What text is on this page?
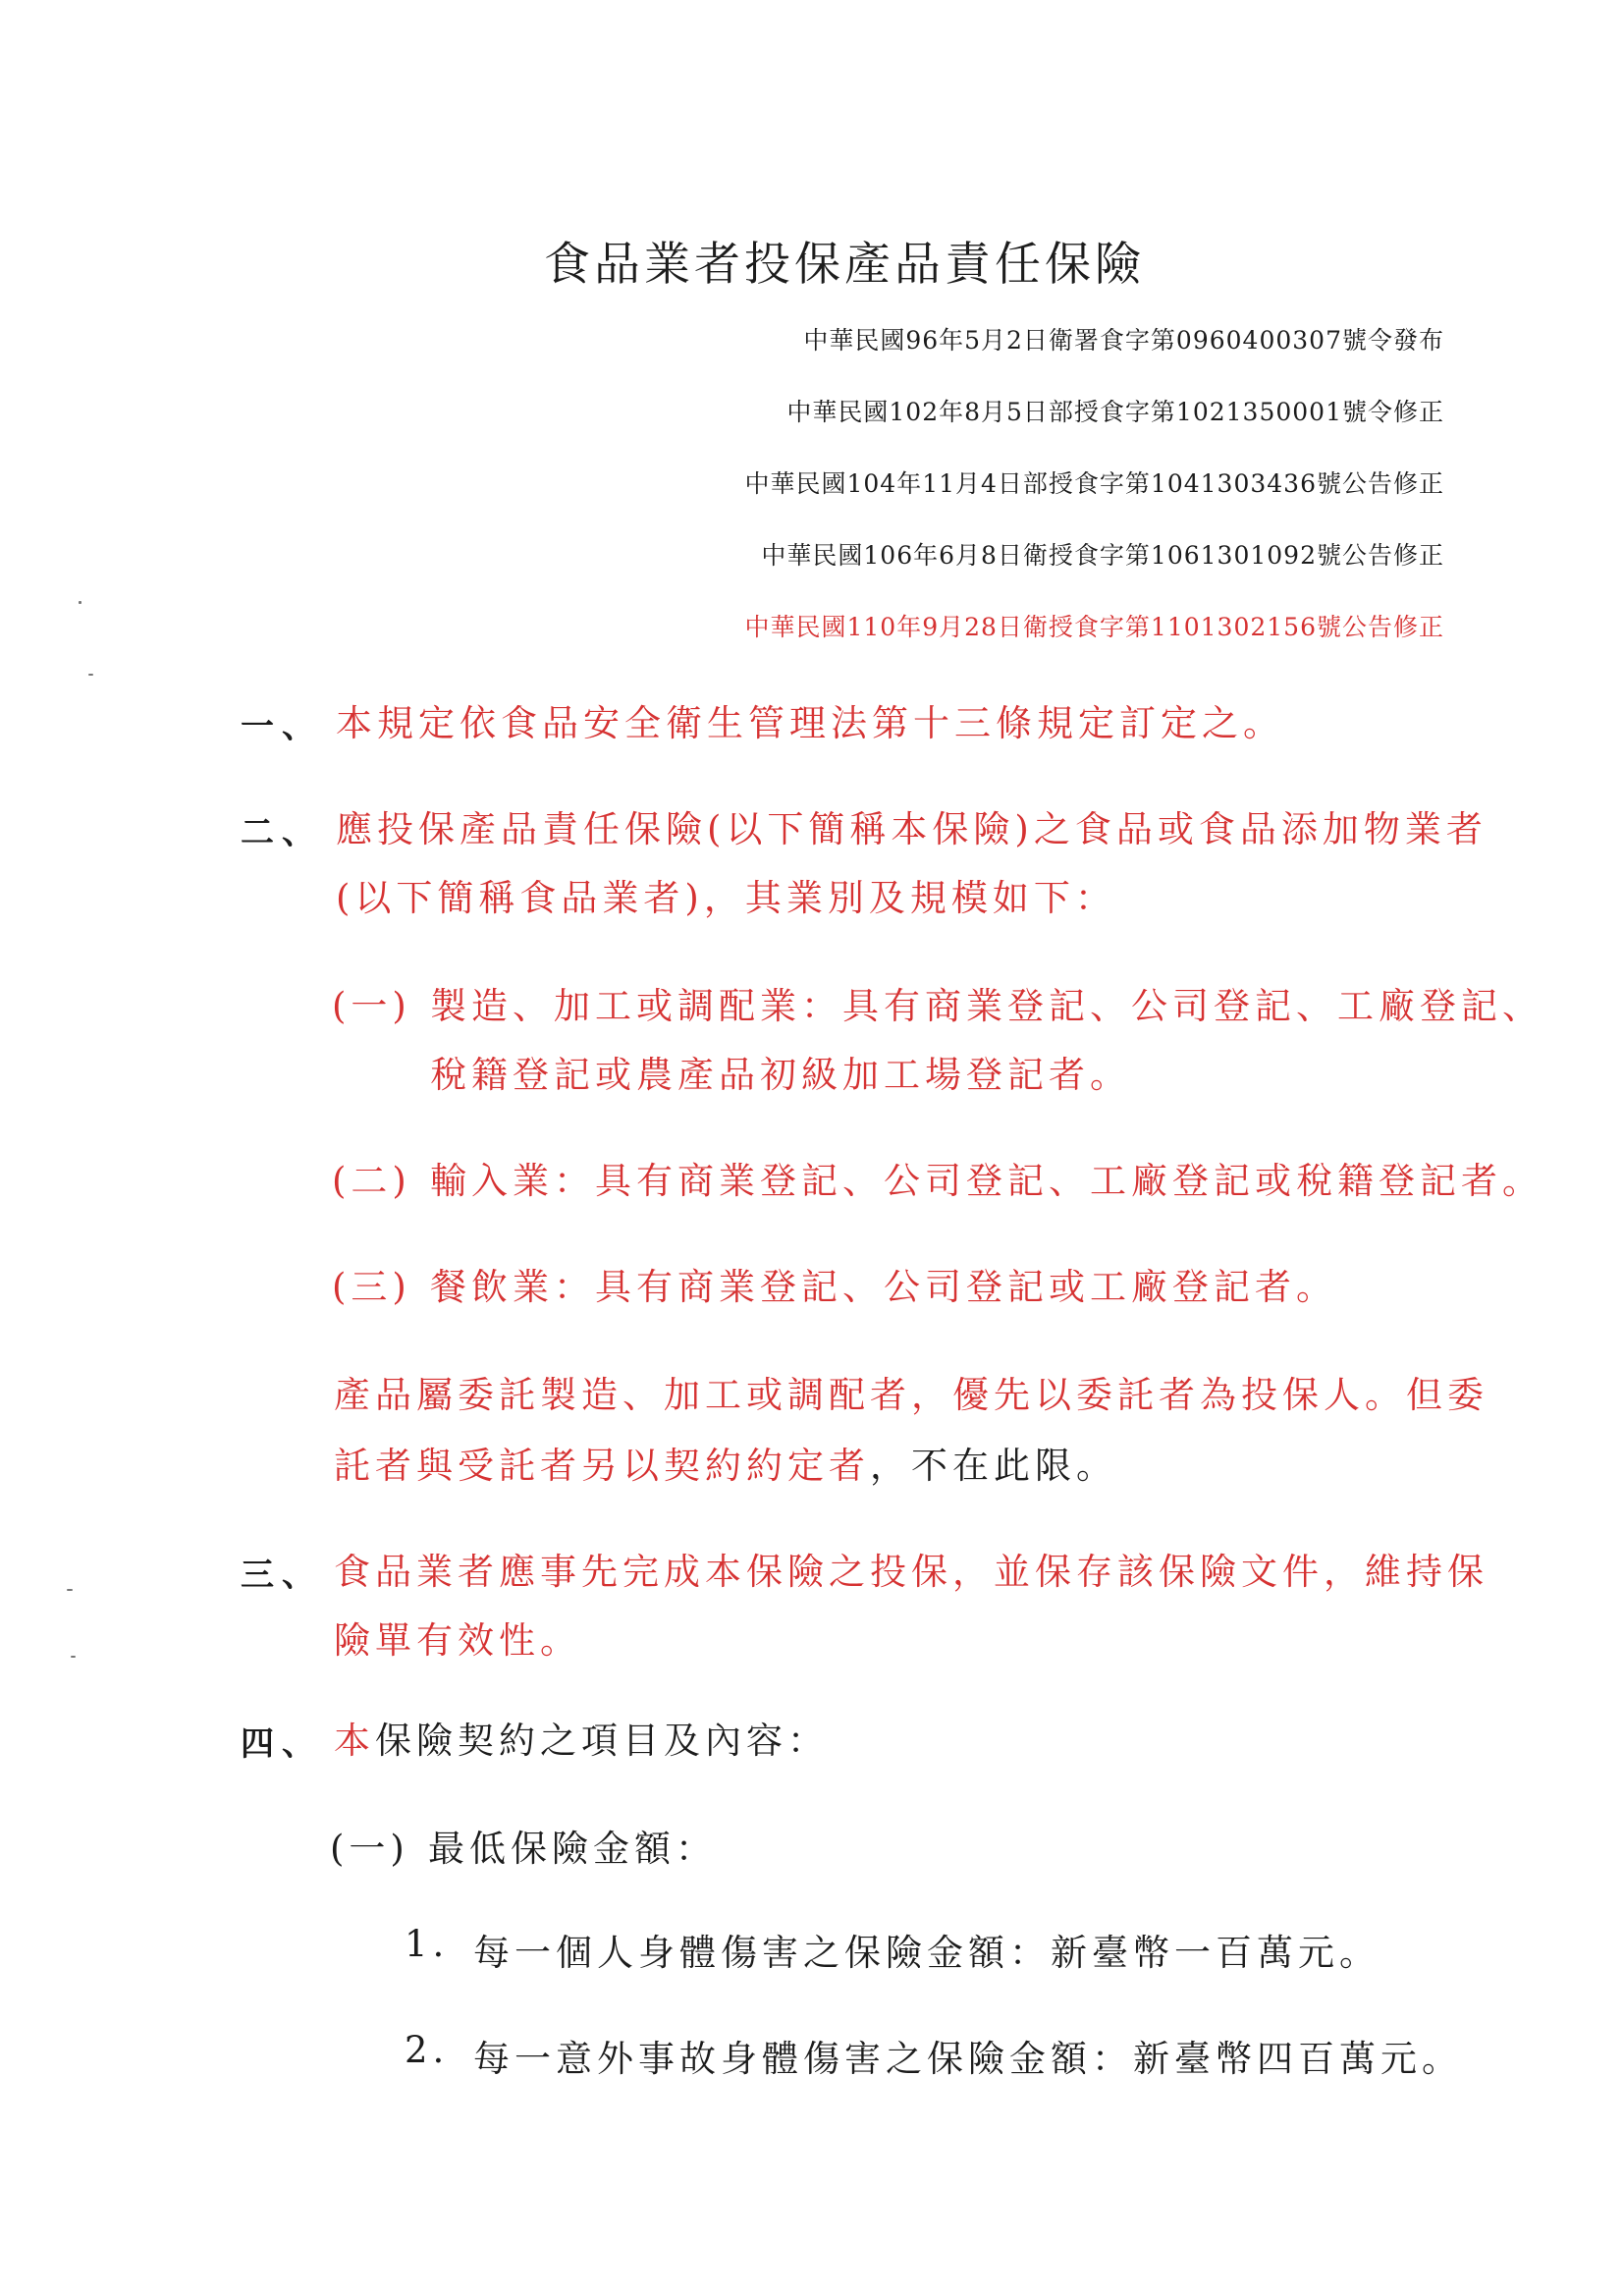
食品業者投保產品責任保險
中華民國96年5月2日衛署食字第0960400307號令發布
中華民國102年8月5日部授食字第1021350001號令修正
中華民國104年11月4日部授食字第1041303436號公告修正
中華民國106年6月8日衛授食字第1061301092號公告修正
中華民國110年9月28日衛授食字第1101302156號公告修正
一、 本規定依食品安全衛生管理法第十三條規定訂定之。
二、 應投保產品責任保險(以下簡稱本保險)之食品或食品添加物業者
(以下簡稱食品業者)，其業別及規模如下：
(一) 製造、加工或調配業：具有商業登記、公司登記、工廠登記、
稅籍登記或農產品初級加工場登記者。
(二) 輸入業：具有商業登記、公司登記、工廠登記或稅籍登記者。
(三) 餐飲業：具有商業登記、公司登記或工廠登記者。
產品屬委託製造、加工或調配者，優先以委託者為投保人。但委
託者與受託者另以契約約定者，不在此限。
三、 食品業者應事先完成本保險之投保，並保存該保險文件，維持保
險單有效性。
四、 本保險契約之項目及內容：
(一) 最低保險金額：
1. 每一個人身體傷害之保險金額：新臺幣一百萬元。
2. 每一意外事故身體傷害之保險金額：新臺幣四百萬元。
